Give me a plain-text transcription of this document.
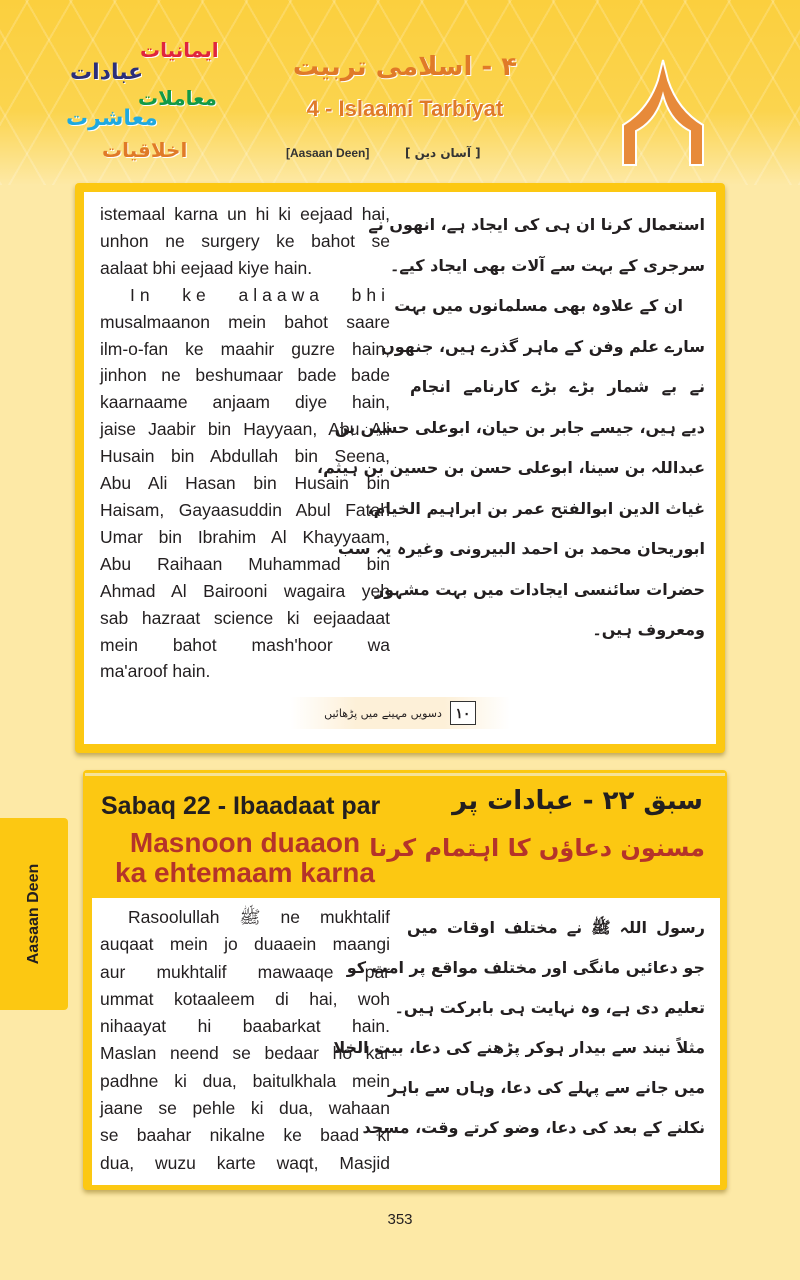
ایمانیات
عبادات
معاملات
معاشرت
اخلاقیات
۴ - اسلامی تربیت
4 - Islaami Tarbiyat
[Aasaan Deen]	[ آسان دین ]
istemaal karna un hi ki eejaad hai,
unhon ne surgery ke bahot se
aalaat bhi eejaad kiye hain.
In ke alaawa bhi
musalmaanon mein bahot saare
ilm-o-fan ke maahir guzre hain,
jinhon ne beshumaar bade bade
kaarnaame anjaam diye hain,
jaise Jaabir bin Hayyaan, Abu Ali
Husain bin Abdullah bin Seena,
Abu Ali Hasan bin Husain bin
Haisam, Gayaasuddin Abul Fatah
Umar bin Ibrahim Al Khayyaam,
Abu Raihaan Muhammad bin
Ahmad Al Bairooni wagaira yeh
sab hazraat science ki eejaadaat
mein bahot mash'hoor wa
ma'aroof hain.
استعمال کرنا ان ہی کی ایجاد ہے، انھوں نے
سرجری کے بہت سے آلات بھی ایجاد کیے۔
ان کے علاوہ بھی مسلمانوں میں بہت
سارے علم وفن کے ماہر گذرے ہیں، جنھوں
نے بے شمار بڑے بڑے کارنامے انجام
دیے ہیں، جیسے جابر بن حیان، ابوعلی حسین بن
عبداللہ بن سینا، ابوعلی حسن بن حسین بن ہیثم،
غیاث الدین ابوالفتح عمر بن ابراہیم الخیام،
ابوریحان محمد بن احمد البیرونی وغیرہ یہ سب
حضرات سائنسی ایجادات میں بہت مشہور
ومعروف ہیں۔
۱۰
دسویں مہینے میں پڑھائیں
Aasaan Deen
Sabaq 22 - Ibaadaat par
Masnoon duaaon
ka ehtemaam karna
سبق ۲۲ - عبادات پر
مسنون دعاؤں کا اہتمام کرنا
Rasoolullah ﷺ ne mukhtalif
auqaat mein jo duaaein maangi
aur mukhtalif mawaaqe par
ummat kotaaleem di hai, woh
nihaayat hi baabarkat hain.
Maslan neend se bedaar ho kar
padhne ki dua, baitulkhala mein
jaane se pehle ki dua, wahaan
se baahar nikalne ke baad ki
dua, wuzu karte waqt, Masjid
رسول اللہ ﷺ نے مختلف اوقات میں
جو دعائیں مانگی اور مختلف مواقع پر امت کو
تعلیم دی ہے، وہ نہایت ہی بابرکت ہیں۔
مثلاً نیند سے بیدار ہوکر پڑھنے کی دعا، بیت الخلا
میں جانے سے پہلے کی دعا، وہاں سے باہر
نکلنے کے بعد کی دعا، وضو کرتے وقت، مسجد
353
